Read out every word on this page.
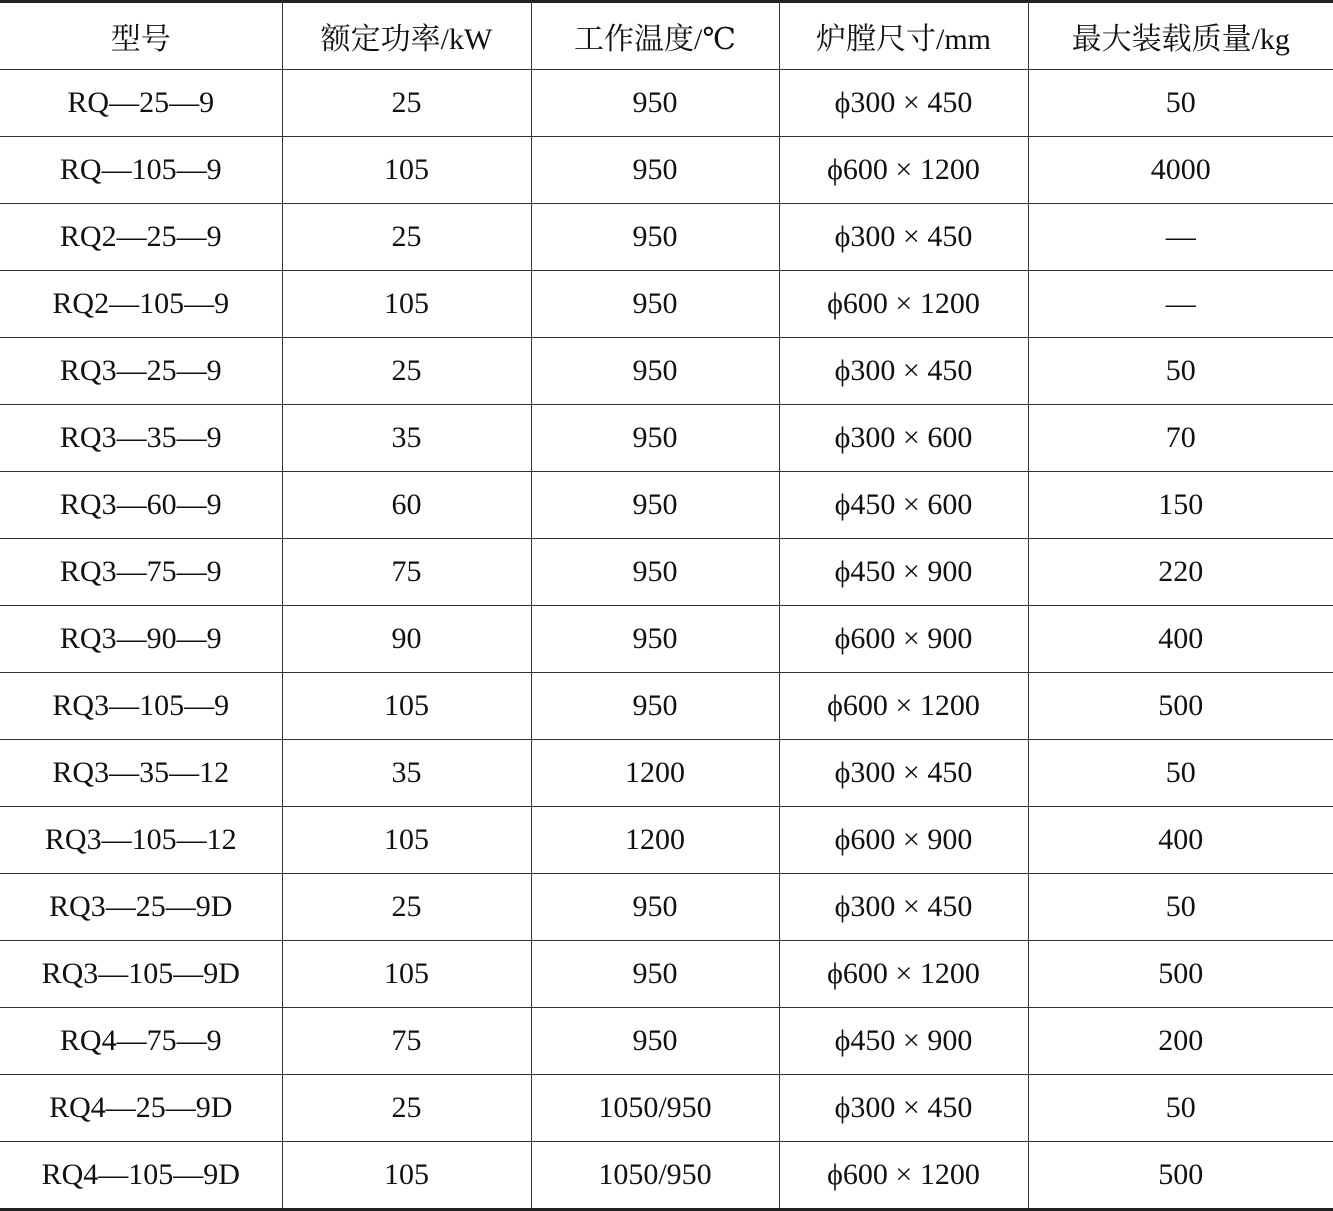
型号	额定功率/kW	工作温度/℃	炉膛尺寸/mm	最大装载质量/kg
RQ—25—9	25	950	ϕ300 × 450	50
RQ—105—9	105	950	ϕ600 × 1200	4000
RQ2—25—9	25	950	ϕ300 × 450	—
RQ2—105—9	105	950	ϕ600 × 1200	—
RQ3—25—9	25	950	ϕ300 × 450	50
RQ3—35—9	35	950	ϕ300 × 600	70
RQ3—60—9	60	950	ϕ450 × 600	150
RQ3—75—9	75	950	ϕ450 × 900	220
RQ3—90—9	90	950	ϕ600 × 900	400
RQ3—105—9	105	950	ϕ600 × 1200	500
RQ3—35—12	35	1200	ϕ300 × 450	50
RQ3—105—12	105	1200	ϕ600 × 900	400
RQ3—25—9D	25	950	ϕ300 × 450	50
RQ3—105—9D	105	950	ϕ600 × 1200	500
RQ4—75—9	75	950	ϕ450 × 900	200
RQ4—25—9D	25	1050/950	ϕ300 × 450	50
RQ4—105—9D	105	1050/950	ϕ600 × 1200	500
